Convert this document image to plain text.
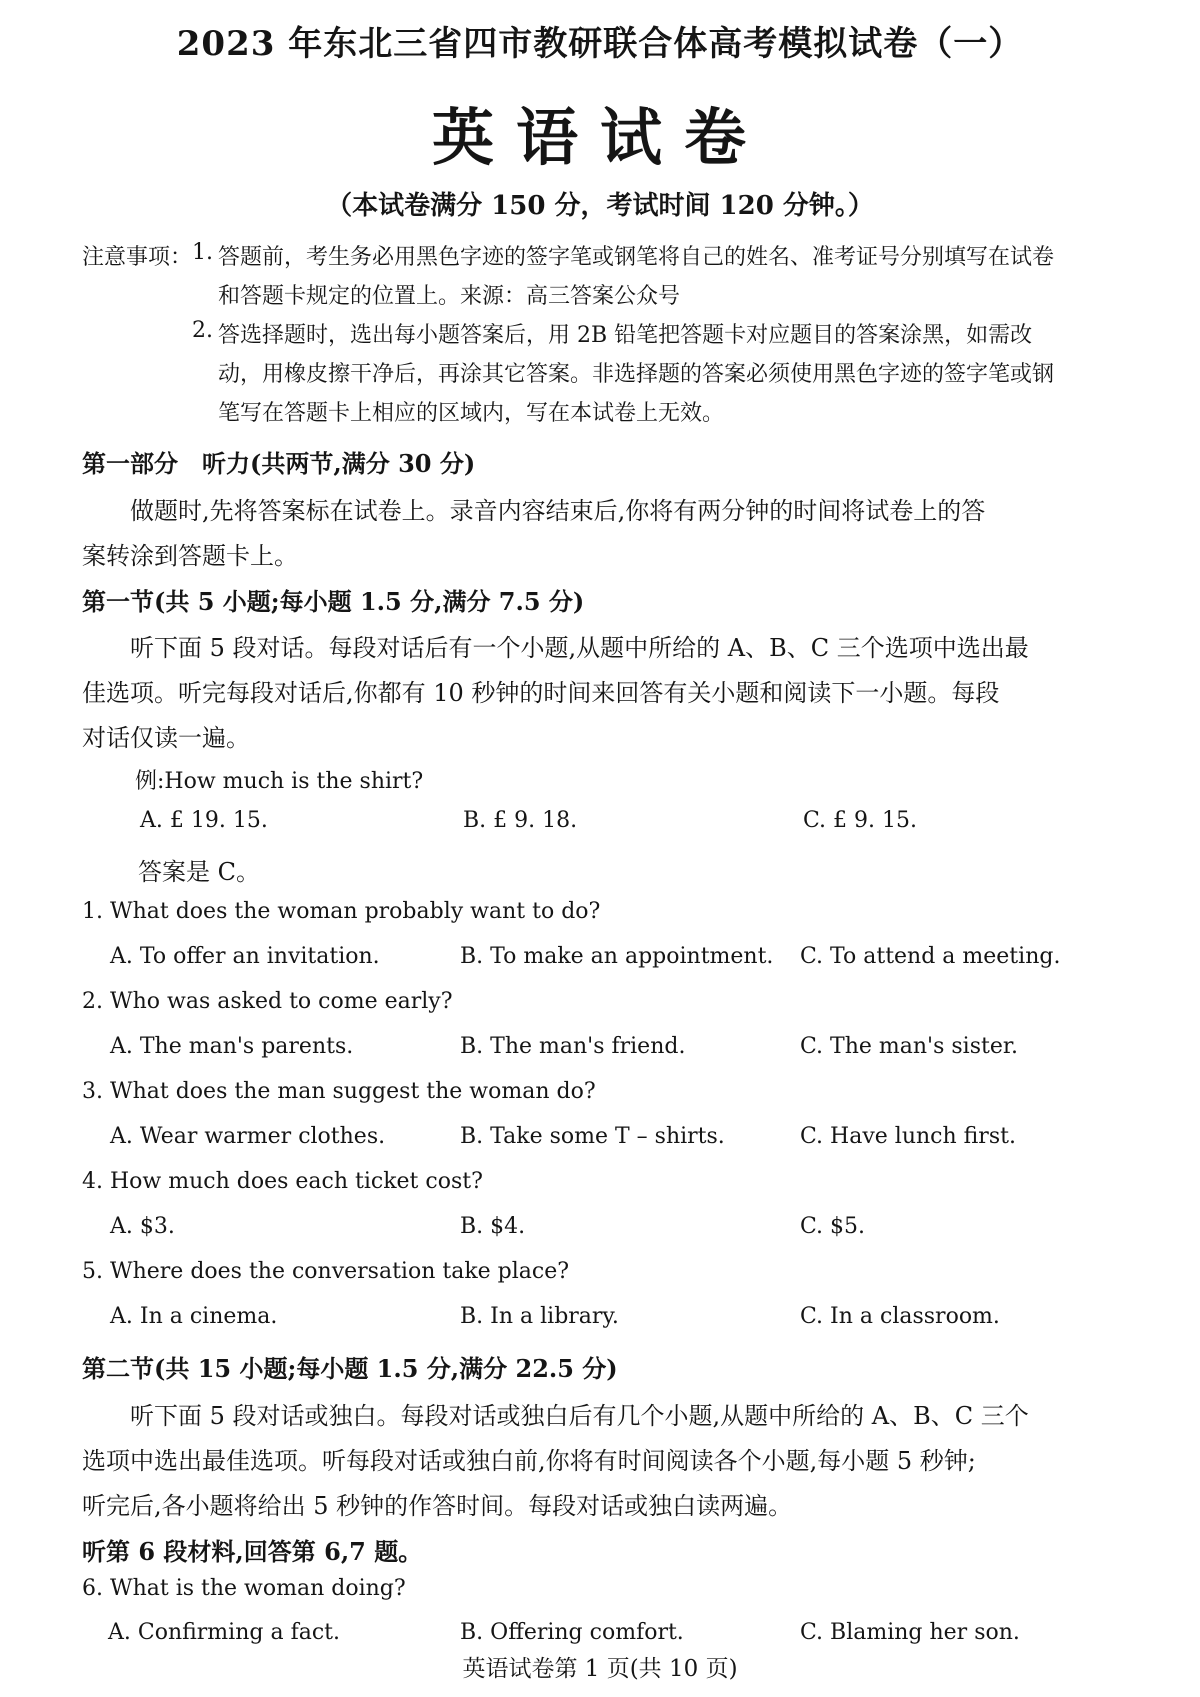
2023 年东北三省四市教研联合体高考模拟试卷（一）
英语试卷
（本试卷满分 150 分，考试时间 120 分钟。）
注意事项： 1. 答题前，考生务必用黑色字迹的签字笔或钢笔将自己的姓名、准考证号分别填写在试卷
和答题卡规定的位置上。来源：高三答案公众号
2. 答选择题时，选出每小题答案后，用 2B 铅笔把答题卡对应题目的答案涂黑，如需改
动，用橡皮擦干净后，再涂其它答案。非选择题的答案必须使用黑色字迹的签字笔或钢
笔写在答题卡上相应的区域内，写在本试卷上无效。
第一部分　听力(共两节,满分 30 分)
做题时,先将答案标在试卷上。录音内容结束后,你将有两分钟的时间将试卷上的答
案转涂到答题卡上。
第一节(共 5 小题;每小题 1.5 分,满分 7.5 分)
听下面 5 段对话。每段对话后有一个小题,从题中所给的 A、B、C 三个选项中选出最
佳选项。听完每段对话后,你都有 10 秒钟的时间来回答有关小题和阅读下一小题。每段
对话仅读一遍。
例:How much is the shirt?
A. £ 19. 15.	B. £ 9. 18.	C. £ 9. 15.
答案是 C。
1. What does the woman probably want to do?
A. To offer an invitation.	B. To make an appointment. C. To attend a meeting.
2. Who was asked to come early?
A. The man's parents.	B. The man's friend.	C. The man's sister.
3. What does the man suggest the woman do?
A. Wear warmer clothes.	B. Take some T – shirts.	C. Have lunch first.
4. How much does each ticket cost?
A. $3.	B. $4.	C. $5.
5. Where does the conversation take place?
A. In a cinema.	B. In a library.	C. In a classroom.
第二节(共 15 小题;每小题 1.5 分,满分 22.5 分)
听下面 5 段对话或独白。每段对话或独白后有几个小题,从题中所给的 A、B、C 三个
选项中选出最佳选项。听每段对话或独白前,你将有时间阅读各个小题,每小题 5 秒钟;
听完后,各小题将给出 5 秒钟的作答时间。每段对话或独白读两遍。
听第 6 段材料,回答第 6,7 题。
6. What is the woman doing?
A. Confirming a fact.	B. Offering comfort.	C. Blaming her son.
英语试卷第 1 页(共 10 页)
